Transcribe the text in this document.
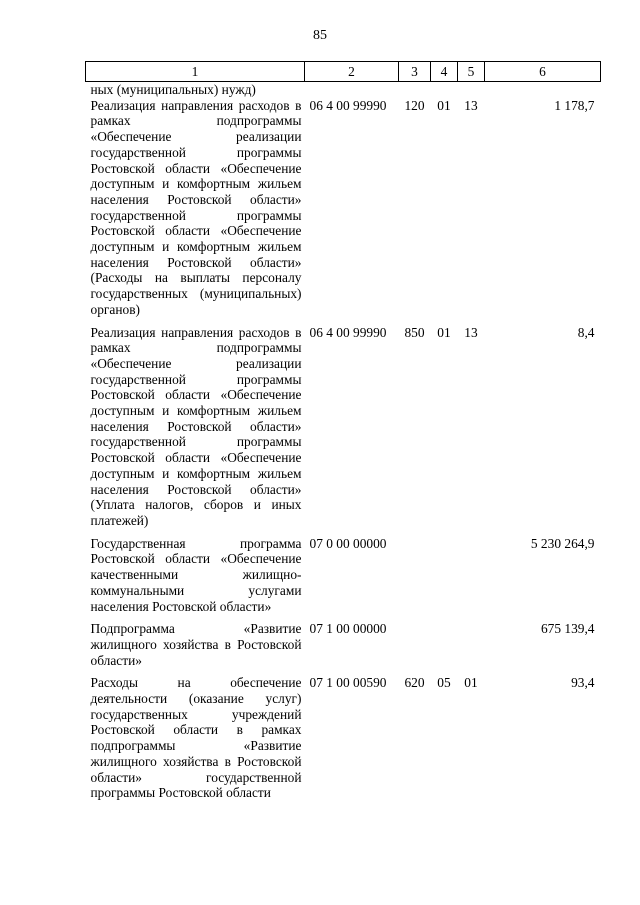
85
1	2	3	4	5	6
ных (муниципальных) нужд)					
Реализация направления расходов в рамках подпрограммы «Обеспечение реализации государственной программы Ростовской области «Обеспечение доступным и комфортным жильем населения Ростовской области» государственной программы Ростовской области «Обеспечение доступным и комфортным жильем населения Ростовской области» (Расходы на выплаты персоналу государственных (муниципальных) органов)	06 4 00 99990	120	01	13	1 178,7
Реализация направления расходов в рамках подпрограммы «Обеспечение реализации государственной программы Ростовской области «Обеспечение доступным и комфортным жильем населения Ростовской области» государственной программы Ростовской области «Обеспечение доступным и комфортным жильем населения Ростовской области» (Уплата налогов, сборов и иных платежей)	06 4 00 99990	850	01	13	8,4
Государственная программа Ростовской области «Обеспечение качественными жилищно-коммунальными услугами населения Ростовской области»	07 0 00 00000				5 230 264,9
Подпрограмма «Развитие жилищного хозяйства в Ростовской области»	07 1 00 00000				675 139,4
Расходы на обеспечение деятельности (оказание услуг) государственных учреждений Ростовской области в рамках подпрограммы «Развитие жилищного хозяйства в Ростовской области» государственной программы Ростовской области	07 1 00 00590	620	05	01	93,4
